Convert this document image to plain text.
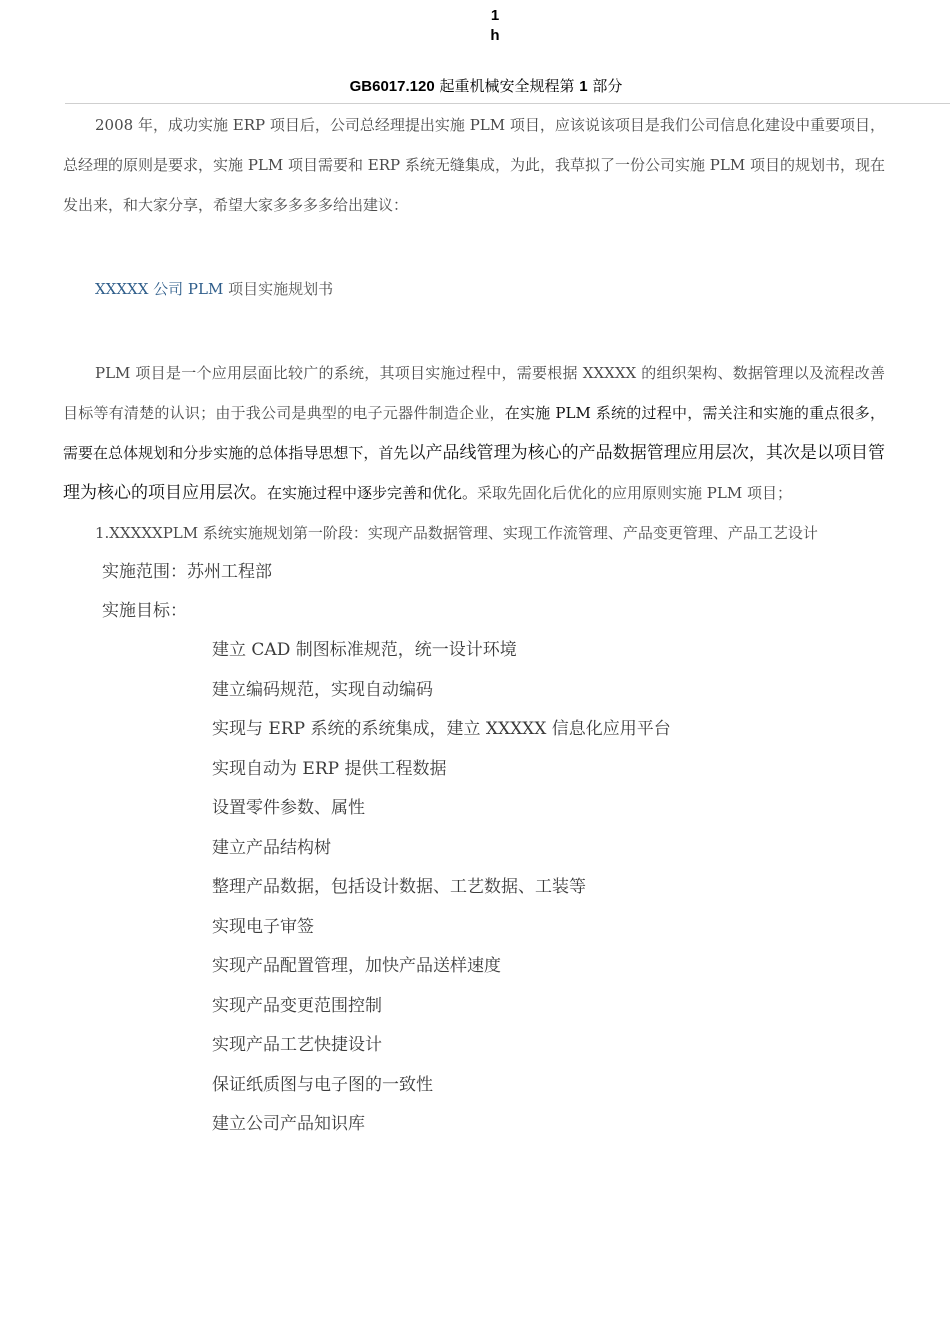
1
h
GB6017.120 起重机械安全规程第 1 部分

2008 年，成功实施 ERP 项目后，公司总经理提出实施 PLM 项目，应该说该项目是我们公司信息化建设中重要项目，总经理的原则是要求，实施 PLM 项目需要和 ERP 系统无缝集成，为此，我草拟了一份公司实施 PLM 项目的规划书，现在发出来，和大家分享，希望大家多多多多给出建议：

XXXXX 公司 PLM 项目实施规划书

PLM 项目是一个应用层面比较广的系统，其项目实施过程中，需要根据 XXXXX 的组织架构、数据管理以及流程改善目标等有清楚的认识；由于我公司是典型的电子元器件制造企业，在实施 PLM 系统的过程中，需关注和实施的重点很多，需要在总体规划和分步实施的总体指导思想下，首先以产品线管理为核心的产品数据管理应用层次，其次是以项目管理为核心的项目应用层次。在实施过程中逐步完善和优化。采取先固化后优化的应用原则实施 PLM 项目；

1.XXXXXPLM 系统实施规划第一阶段：实现产品数据管理、实现工作流管理、产品变更管理、产品工艺设计

实施范围：苏州工程部

实施目标：

建立 CAD 制图标准规范，统一设计环境
建立编码规范，实现自动编码
实现与 ERP 系统的系统集成，建立 XXXXX 信息化应用平台
实现自动为 ERP 提供工程数据
设置零件参数、属性
建立产品结构树
整理产品数据，包括设计数据、工艺数据、工装等
实现电子审签
实现产品配置管理，加快产品送样速度
实现产品变更范围控制
实现产品工艺快捷设计
保证纸质图与电子图的一致性
建立公司产品知识库
